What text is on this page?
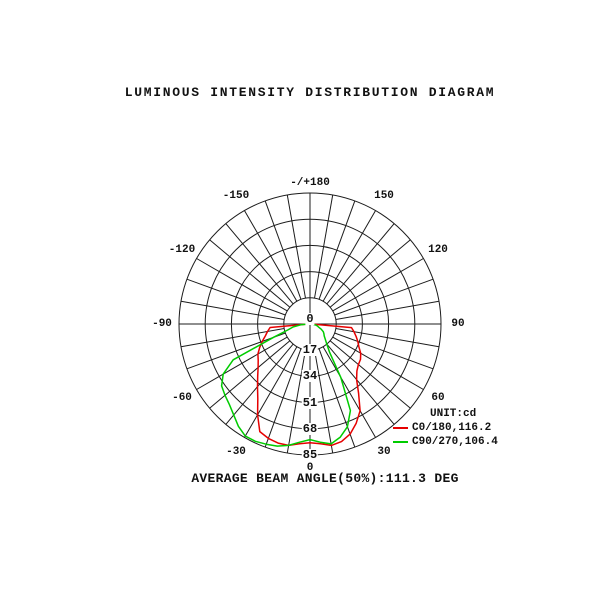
LUMINOUS INTENSITY DISTRIBUTION DIAGRAM
-/+180
150
120
90
60
30
0
-30
-60
-90
-120
-150
0
17
34
51
68
85
UNIT:cd
C0/180,116.2
C90/270,106.4
AVERAGE BEAM ANGLE(50%):111.3 DEG
